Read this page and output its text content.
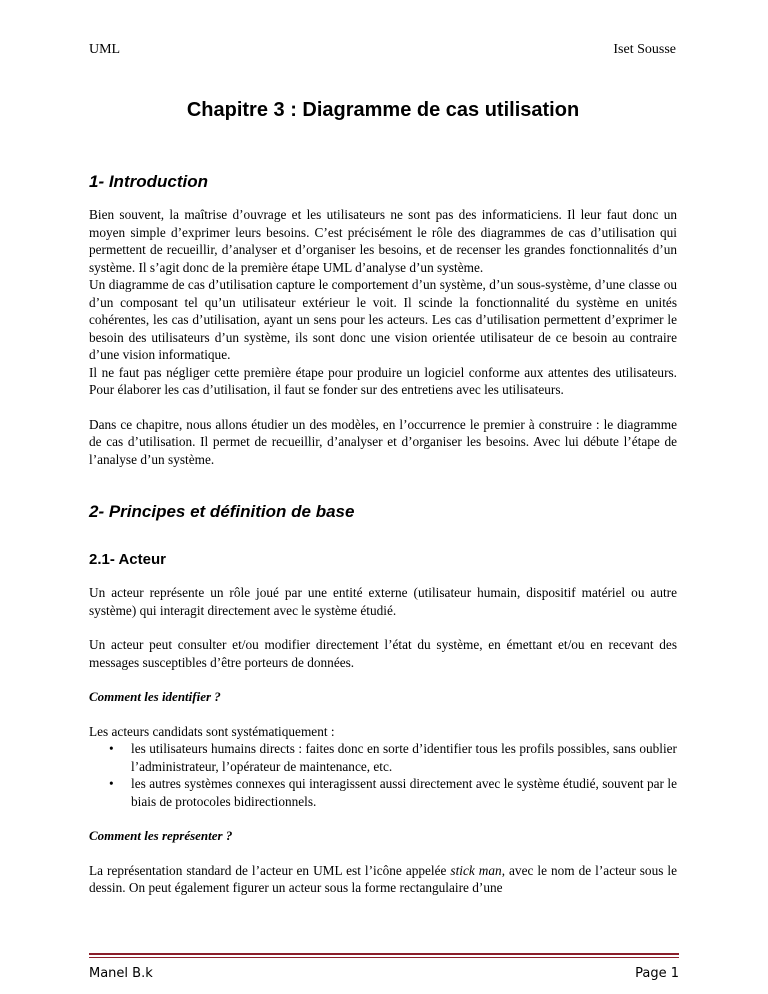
UML	Iset Sousse
Chapitre 3 : Diagramme de cas utilisation
1- Introduction

Bien souvent, la maîtrise d’ouvrage et les utilisateurs ne sont pas des informaticiens. Il leur faut donc un moyen simple d’exprimer leurs besoins. C’est précisément le rôle des diagrammes de cas d’utilisation qui permettent de recueillir, d’analyser et d’organiser les besoins, et de recenser les grandes fonctionnalités d’un système. Il s’agit donc de la première étape UML d’analyse d’un système.

Un diagramme de cas d’utilisation capture le comportement d’un système, d’un sous-système, d’une classe ou d’un composant tel qu’un utilisateur extérieur le voit. Il scinde la fonctionnalité du système en unités cohérentes, les cas d’utilisation, ayant un sens pour les acteurs. Les cas d’utilisation permettent d’exprimer le besoin des utilisateurs d’un système, ils sont donc une vision orientée utilisateur de ce besoin au contraire d’une vision informatique.

Il ne faut pas négliger cette première étape pour produire un logiciel conforme aux attentes des utilisateurs. Pour élaborer les cas d’utilisation, il faut se fonder sur des entretiens avec les utilisateurs.

Dans ce chapitre, nous allons étudier un des modèles, en l’occurrence le premier à construire : le diagramme de cas d’utilisation. Il permet de recueillir, d’analyser et d’organiser les besoins. Avec lui débute l’étape de l’analyse d’un système.

2- Principes et définition de base
2.1- Acteur

Un acteur représente un rôle joué par une entité externe (utilisateur humain, dispositif matériel ou autre système) qui interagit directement avec le système étudié.

Un acteur peut consulter et/ou modifier directement l’état du système, en émettant et/ou en recevant des messages susceptibles d’être porteurs de données.

Comment les identifier ?

Les acteurs candidats sont systématiquement :

• les utilisateurs humains directs : faites donc en sorte d’identifier tous les profils possibles, sans oublier l’administrateur, l’opérateur de maintenance, etc.
• les autres systèmes connexes qui interagissent aussi directement avec le système étudié, souvent par le biais de protocoles bidirectionnels.

Comment les représenter ?

La représentation standard de l’acteur en UML est l’icône appelée stick man, avec le nom de l’acteur sous le dessin. On peut également figurer un acteur sous la forme rectangulaire d’une

Manel B.k	Page 1
